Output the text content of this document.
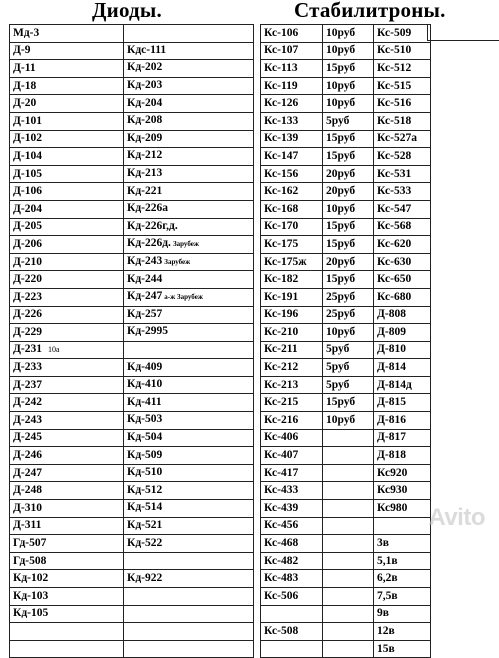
Диоды.	Стабилитроны.
Мд-3			Кс-106	10руб	Кс-509
Д-9	Кдс-111		Кс-107	10руб	Кс-510
Д-11	Кд-202		Кс-113	15руб	Кс-512
Д-18	Кд-203		Кс-119	10руб	Кс-515
Д-20	Кд-204		Кс-126	10руб	Кс-516
Д-101	Кд-208		Кс-133	5руб	Кс-518
Д-102	Кд-209		Кс-139	15руб	Кс-527а
Д-104	Кд-212		Кс-147	15руб	Кс-528
Д-105	Кд-213		Кс-156	20руб	Кс-531
Д-106	Кд-221		Кс-162	20руб	Кс-533
Д-204	Кд-226а		Кс-168	10руб	Кс-547
Д-205	Кд-226г,д.		Кс-170	15руб	Кс-568
Д-206	Кд-226д. Зарубеж		Кс-175	15руб	Кс-620
Д-210	Кд-243 Зарубеж		Кс-175ж	20руб	Кс-630
Д-220	Кд-244		Кс-182	15руб	Кс-650
Д-223	Кд-247 а-ж Зарубеж		Кс-191	25руб	Кс-680
Д-226	Кд-257		Кс-196	25руб	Д-808
Д-229	Кд-2995		Кс-210	10руб	Д-809
Д-231 10а			Кс-211	5руб	Д-810
Д-233	Кд-409		Кс-212	5руб	Д-814
Д-237	Кд-410		Кс-213	5руб	Д-814д
Д-242	Кд-411		Кс-215	15руб	Д-815
Д-243	Кд-503		Кс-216	10руб	Д-816
Д-245	Кд-504		Кс-406		Д-817
Д-246	Кд-509		Кс-407		Д-818
Д-247	Кд-510		Кс-417		Кс920
Д-248	Кд-512		Кс-433		Кс930
Д-310	Кд-514		Кс-439		Кс980
Д-311	Кд-521		Кс-456		
Гд-507	Кд-522		Кс-468		3в
Гд-508			Кс-482		5,1в
Кд-102	Кд-922		Кс-483		6,2в
Кд-103			Кс-506		7,5в
Кд-105					9в
			Кс-508		12в
					15в
Avito
